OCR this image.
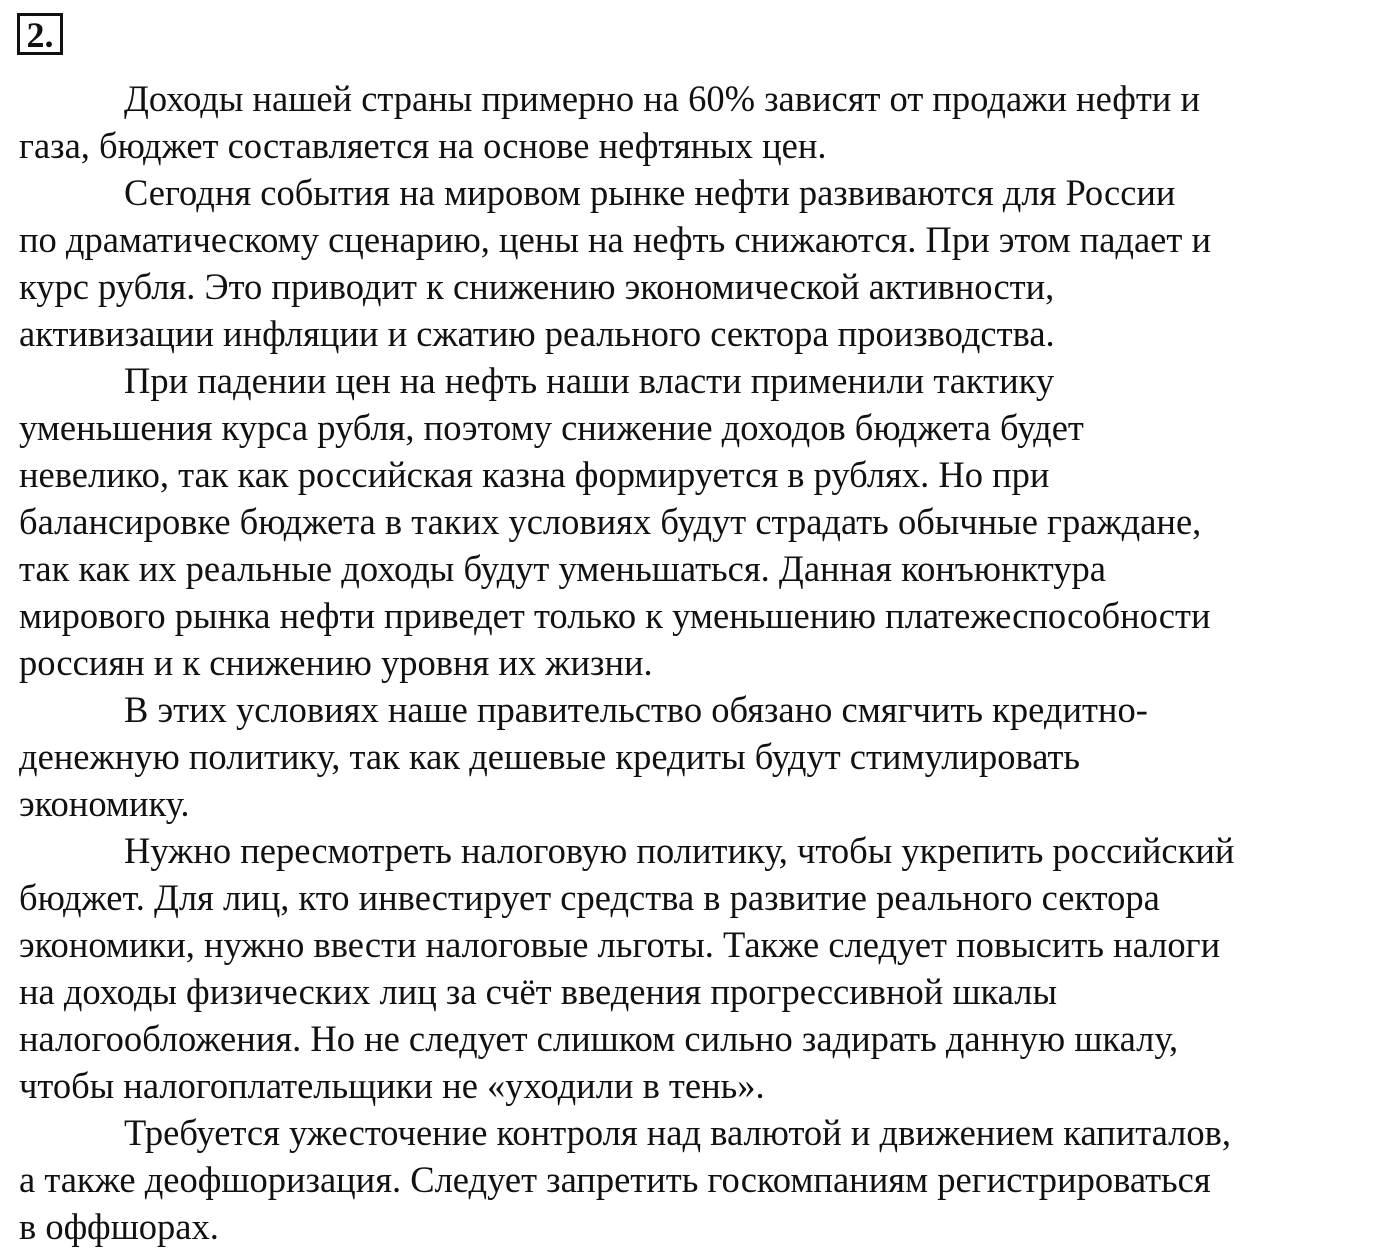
2.
Доходы нашей страны примерно на 60% зависят от продажи нефти и
газа, бюджет составляется на основе нефтяных цен.
Сегодня события на мировом рынке нефти развиваются для России
по драматическому сценарию, цены на нефть снижаются. При этом падает и
курс рубля. Это приводит к снижению экономической активности,
активизации инфляции и сжатию реального сектора производства.
При падении цен на нефть наши власти применили тактику
уменьшения курса рубля, поэтому снижение доходов бюджета будет
невелико, так как российская казна формируется в рублях. Но при
балансировке бюджета в таких условиях будут страдать обычные граждане,
так как их реальные доходы будут уменьшаться. Данная конъюнктура
мирового рынка нефти приведет только к уменьшению платежеспособности
россиян и к снижению уровня их жизни.
В этих условиях наше правительство обязано смягчить кредитно-
денежную политику, так как дешевые кредиты будут стимулировать
экономику.
Нужно пересмотреть налоговую политику, чтобы укрепить российский
бюджет. Для лиц, кто инвестирует средства в развитие реального сектора
экономики, нужно ввести налоговые льготы. Также следует повысить налоги
на доходы физических лиц за счёт введения прогрессивной шкалы
налогообложения. Но не следует слишком сильно задирать данную шкалу,
чтобы налогоплательщики не «уходили в тень».
Требуется ужесточение контроля над валютой и движением капиталов,
а также деофшоризация. Следует запретить госкомпаниям регистрироваться
в оффшорах.
